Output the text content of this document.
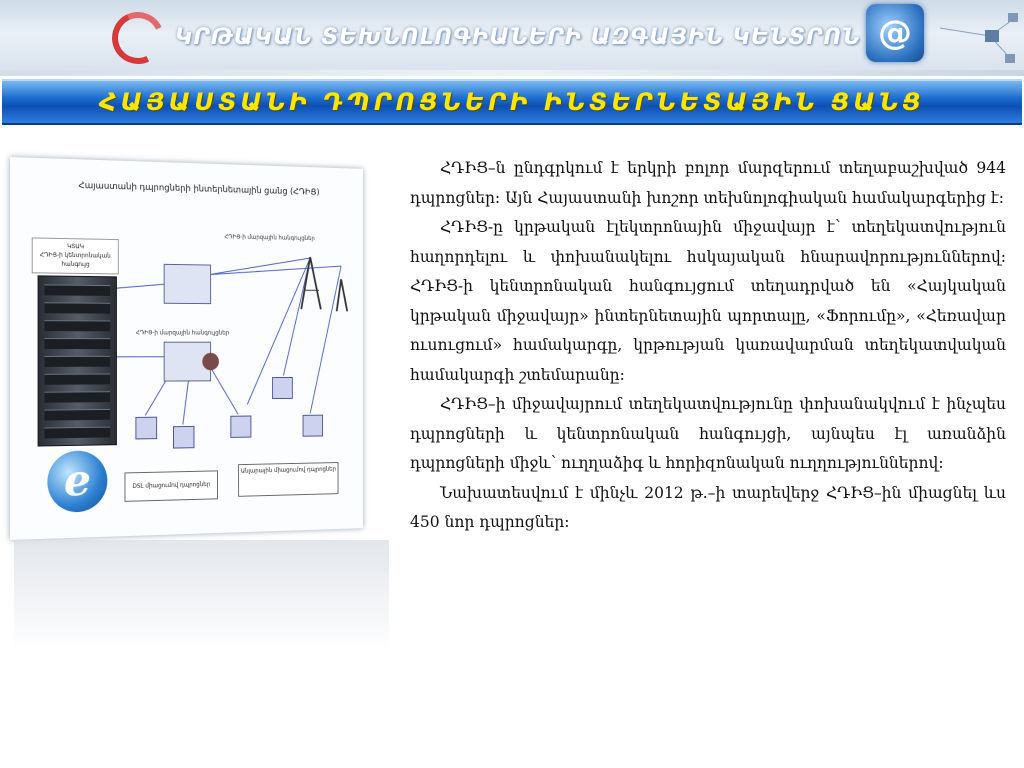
ԿՐԹԱԿԱՆ ՏԵԽՆՈԼՈԳԻԱՆԵՐԻ ԱԶԳԱՅԻՆ ԿԵՆՏՐՈՆ @
ՀԱՅԱՍՏԱՆԻ ԴՊՐՈՑՆԵՐԻ ԻՆՏԵՐՆԵՏԱՅԻՆ ՑԱՆՑ
Հայաստանի դպրոցների ինտերնետային ցանց (ՀԴԻՑ)
ՀԴԻՑ-ի մարզային հանգույցներ
ՀԴԻՑ-ի մարզային հանգույցներ
ԿՏԱԿ
ՀԴԻՑ-ի կենտրոնական
հանգույց
e	DSL միացումով դպրոցներ
Անլարային միացումով դպրոցներ

ՀԴԻՑ–ն ընդգրկում է երկրի բոլոր մարզերում տեղաբաշխված 944 դպրոցներ։ Այն Հայաստանի խոշոր տեխնոլոգիական համակարգերից է։

ՀԴԻՑ-ը կրթական էլեկտրոնային միջավայր է՝ տեղեկատվություն հաղորդելու և փոխանակելու հսկայական հնարավորություններով։ ՀԴԻՑ-ի կենտրոնական հանգույցում տեղադրված են «Հայկական կրթական միջավայր» ինտերնետային պորտալը, «Ֆորումը», «Հեռավար ուսուցում» համակարգը, կրթության կառավարման տեղեկատվական համակարգի շտեմարանը։

ՀԴԻՑ–ի միջավայրում տեղեկատվությունը փոխանակվում է ինչպես դպրոցների և կենտրոնական հանգույցի, այնպես էլ առանձին դպրոցների միջև՝ ուղղաձիգ և հորիզոնական ուղղություններով։

Նախատեսվում է մինչև 2012 թ.–ի տարեվերջ ՀԴԻՑ–ին միացնել ևս 450 նոր դպրոցներ։
